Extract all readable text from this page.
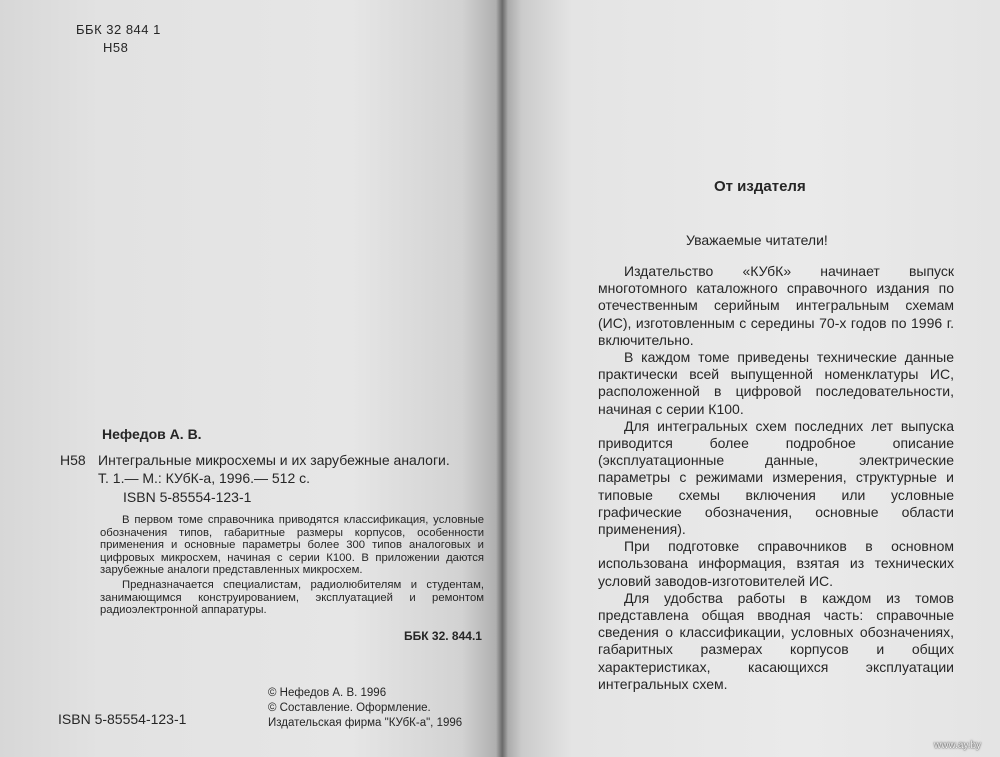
ББК 32 844 1
Н58
Нефедов А. В.
Н58 Интегральные микросхемы и их зарубежные аналоги.
Т. 1.— М.: КУбК-а, 1996.— 512 с.
ISBN 5-85554-123-1

В первом томе справочника приводятся классификация, условные обозначения типов, габаритные размеры корпусов, особенности применения и основные параметры более 300 типов аналоговых и цифровых микросхем, начиная с серии К100. В приложении даются зарубежные аналоги представленных микросхем.

Предназначается специалистам, радиолюбителям и студентам, занимающимся конструированием, эксплуатацией и ремонтом радиоэлектронной аппаратуры.

ББК 32. 844.1
© Нефедов А. В. 1996
© Составление. Оформление.
Издательская фирма "КУбК-а", 1996
ISBN 5-85554-123-1
От издателя
Уважаемые читатели!

Издательство «КУбК» начинает выпуск многотомного каталожного справочного издания по отечественным серийным интегральным схемам (ИС), изготовленным с середины 70-х годов по 1996 г. включительно.

В каждом томе приведены технические данные практически всей выпущенной номенклатуры ИС, расположенной в цифровой последовательности, начиная с серии К100.

Для интегральных схем последних лет выпуска приводится более подробное описание (эксплуатационные данные, электрические параметры с режимами измерения, структурные и типовые схемы включения или условные графические обозначения, основные области применения).

При подготовке справочников в основном использована информация, взятая из технических условий заводов-изготовителей ИС.

Для удобства работы в каждом из томов представлена общая вводная часть: справочные сведения о классификации, условных обозначениях, габаритных размерах корпусов и общих характеристиках, касающихся эксплуатации интегральных схем.

www.ay.by
